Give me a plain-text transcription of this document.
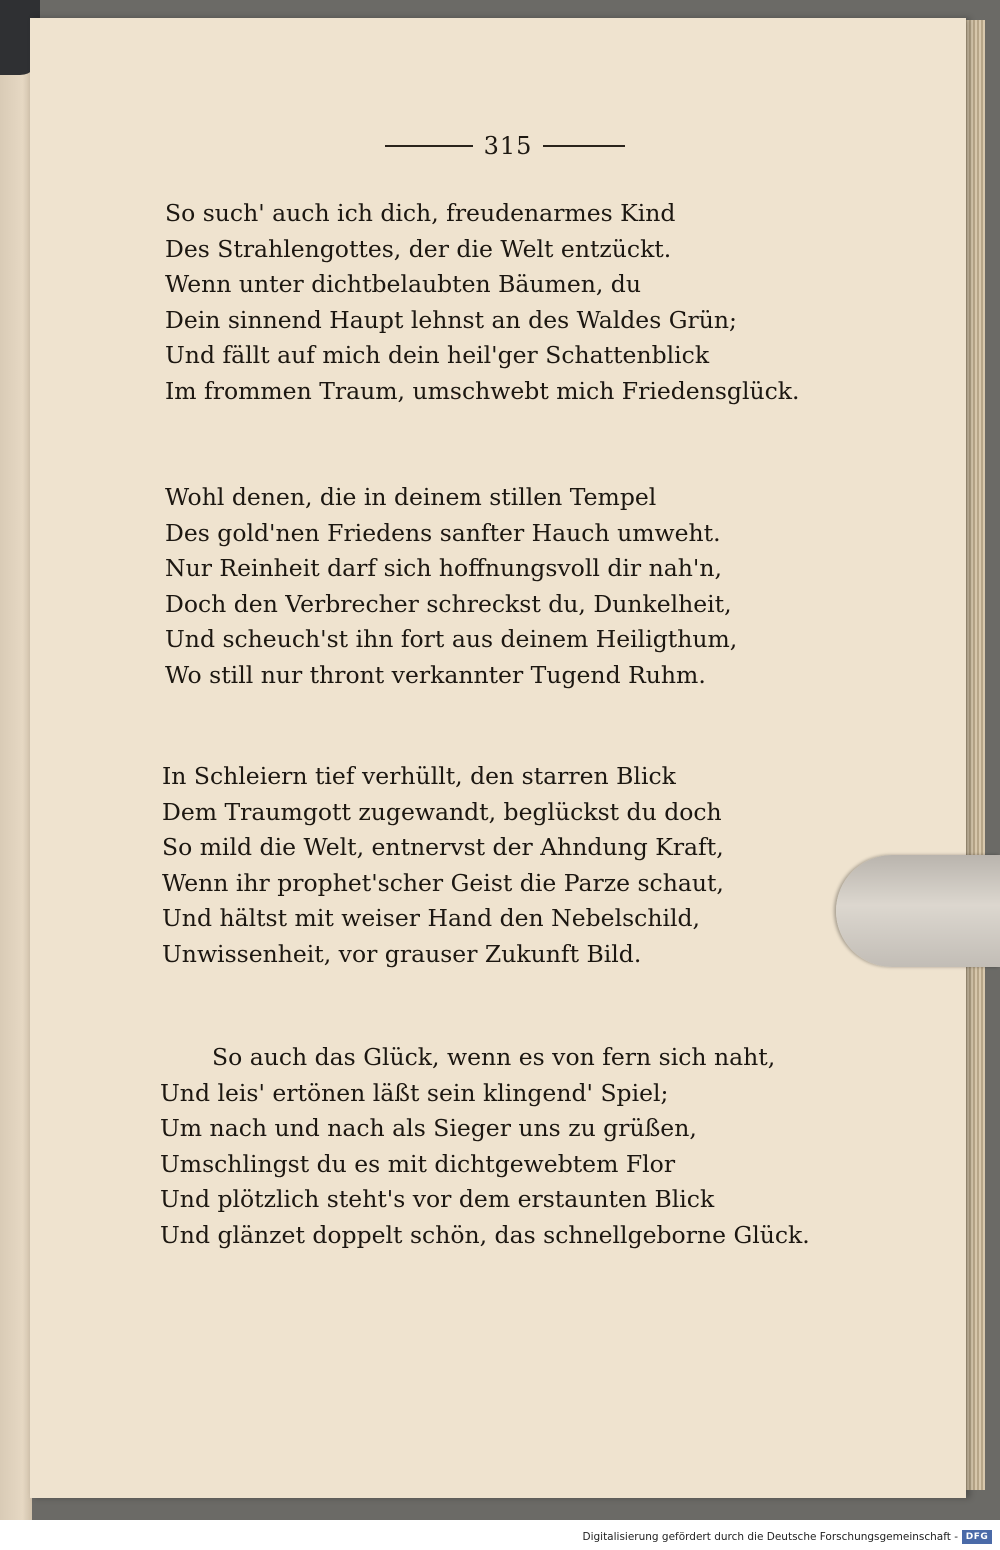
315
So such' auch ich dich, freudenarmes Kind
Des Strahlengottes, der die Welt entzückt.
Wenn unter dichtbelaubten Bäumen, du
Dein sinnend Haupt lehnst an des Waldes Grün;
Und fällt auf mich dein heil'ger Schattenblick
Im frommen Traum, umschwebt mich Friedensglück.
Wohl denen, die in deinem stillen Tempel
Des gold'nen Friedens sanfter Hauch umweht.
Nur Reinheit darf sich hoffnungsvoll dir nah'n,
Doch den Verbrecher schreckst du, Dunkelheit,
Und scheuch'st ihn fort aus deinem Heiligthum,
Wo still nur thront verkannter Tugend Ruhm.
In Schleiern tief verhüllt, den starren Blick
Dem Traumgott zugewandt, beglückst du doch
So mild die Welt, entnervst der Ahndung Kraft,
Wenn ihr prophet'scher Geist die Parze schaut,
Und hältst mit weiser Hand den Nebelschild,
Unwissenheit, vor grauser Zukunft Bild.
So auch das Glück, wenn es von fern sich naht,
Und leis' ertönen läßt sein klingend' Spiel;
Um nach und nach als Sieger uns zu grüßen,
Umschlingst du es mit dichtgewebtem Flor
Und plötzlich steht's vor dem erstaunten Blick
Und glänzet doppelt schön, das schnellgeborne Glück.
Digitalisierung gefördert durch die Deutsche Forschungsgemeinschaft - DFG
